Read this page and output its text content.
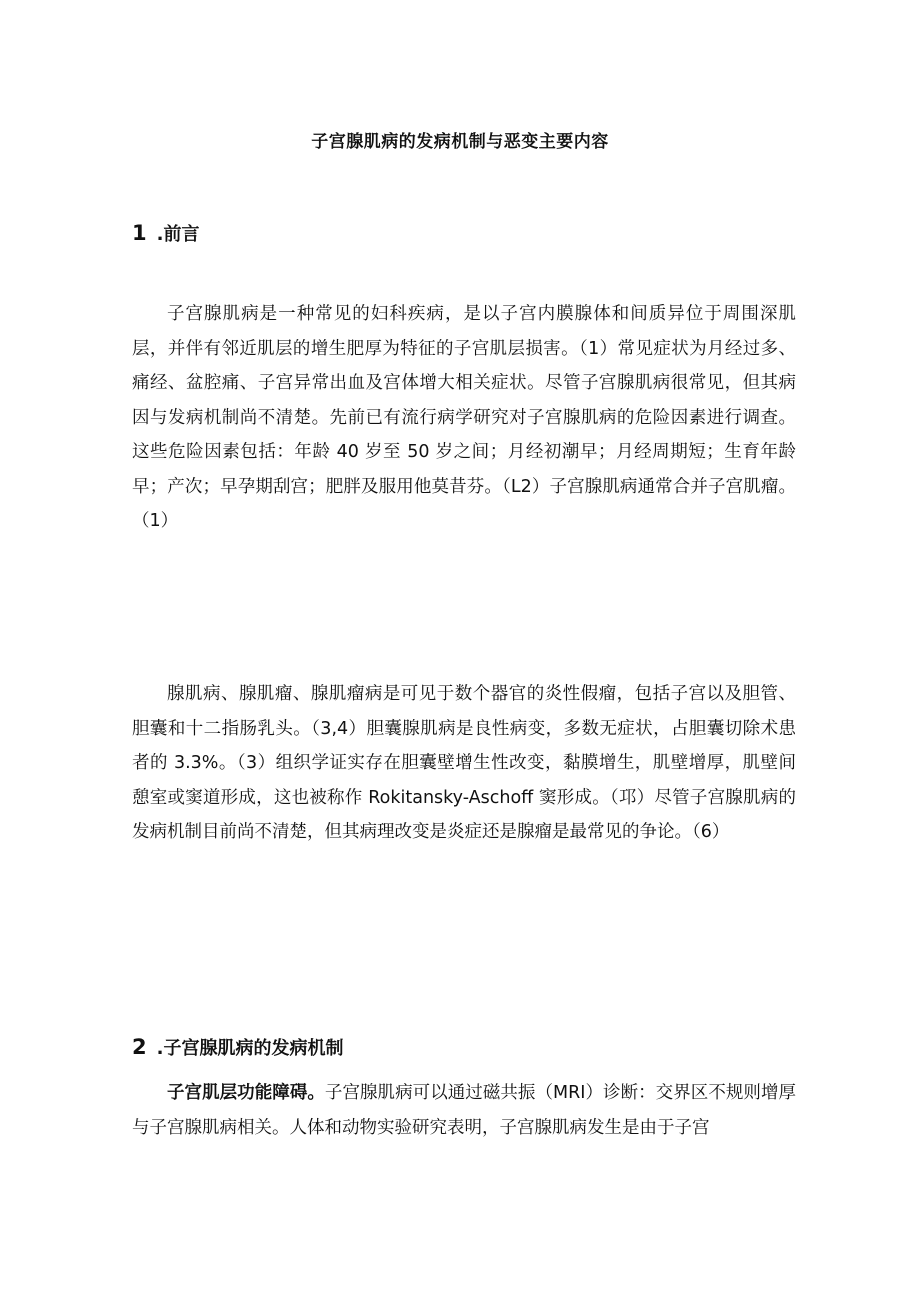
子宫腺肌病的发病机制与恶变主要内容
1 .前言

子宫腺肌病是一种常见的妇科疾病，是以子宫内膜腺体和间质异位于周围深肌层，并伴有邻近肌层的增生肥厚为特征的子宫肌层损害。（1）常见症状为月经过多、痛经、盆腔痛、子宫异常出血及宫体增大相关症状。尽管子宫腺肌病很常见，但其病因与发病机制尚不清楚。先前已有流行病学研究对子宫腺肌病的危险因素进行调查。这些危险因素包括：年龄 40 岁至 50 岁之间；月经初潮早；月经周期短；生育年龄早；产次；早孕期刮宫；肥胖及服用他莫昔芬。（L2）子宫腺肌病通常合并子宫肌瘤。（1）

腺肌病、腺肌瘤、腺肌瘤病是可见于数个器官的炎性假瘤，包括子宫以及胆管、胆囊和十二指肠乳头。（3,4）胆囊腺肌病是良性病变，多数无症状，占胆囊切除术患者的 3.3%。（3）组织学证实存在胆囊壁增生性改变，黏膜增生，肌壁增厚，肌壁间憩室或窦道形成，这也被称作 Rokitansky-Aschoff 窦形成。（邛）尽管子宫腺肌病的发病机制目前尚不清楚，但其病理改变是炎症还是腺瘤是最常见的争论。（6）

2 .子宫腺肌病的发病机制

子宫肌层功能障碍。子宫腺肌病可以通过磁共振（MRI）诊断：交界区不规则增厚与子宫腺肌病相关。人体和动物实验研究表明，子宫腺肌病发生是由于子宫
